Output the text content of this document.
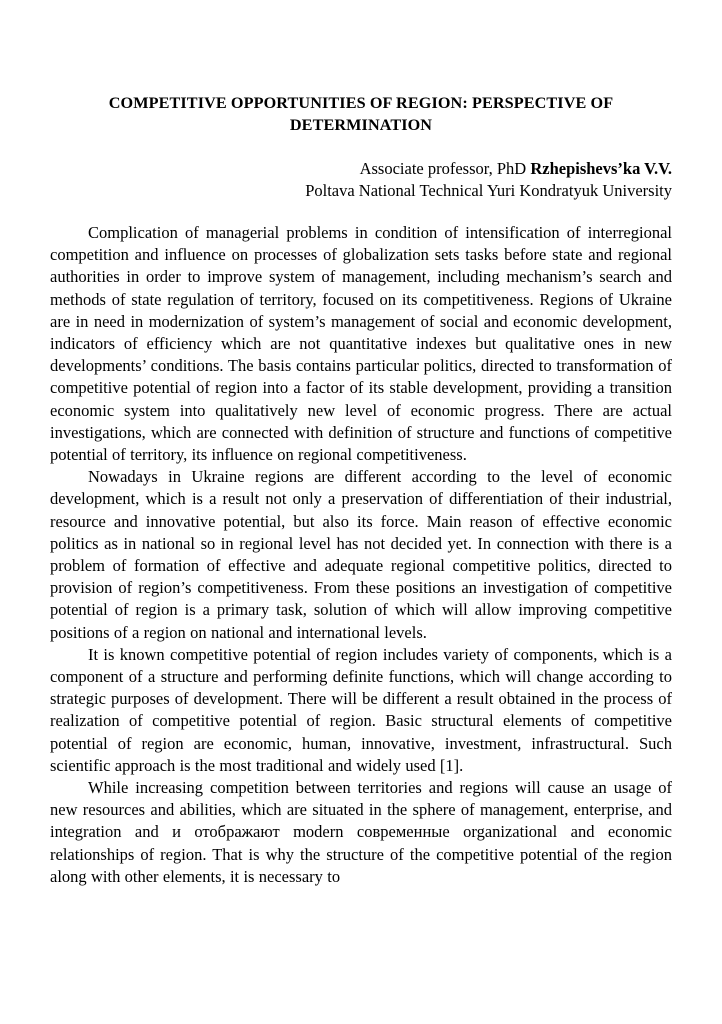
COMPETITIVE OPPORTUNITIES OF REGION: PERSPECTIVE OF DETERMINATION
Associate professor, PhD Rzhepishevs’ka V.V.
Poltava National Technical Yuri Kondratyuk University

Complication of managerial problems in condition of intensification of interregional competition and influence on processes of globalization sets tasks before state and regional authorities in order to improve system of management, including mechanism’s search and methods of state regulation of territory, focused on its competitiveness. Regions of Ukraine are in need in modernization of system’s management of social and economic development, indicators of efficiency which are not quantitative indexes but qualitative ones in new developments’ conditions. The basis contains particular politics, directed to transformation of competitive potential of region into a factor of its stable development, providing a transition economic system into qualitatively new level of economic progress. There are actual investigations, which are connected with definition of structure and functions of competitive potential of territory, its influence on regional competitiveness.

Nowadays in Ukraine regions are different according to the level of economic development, which is a result not only a preservation of differentiation of their industrial, resource and innovative potential, but also its force. Main reason of effective economic politics as in national so in regional level has not decided yet. In connection with there is a problem of formation of effective and adequate regional competitive politics, directed to provision of region’s competitiveness. From these positions an investigation of competitive potential of region is a primary task, solution of which will allow improving competitive positions of a region on national and international levels.

It is known competitive potential of region includes variety of components, which is a component of a structure and performing definite functions, which will change according to strategic purposes of development. There will be different a result obtained in the process of realization of competitive potential of region. Basic structural elements of competitive potential of region are economic, human, innovative, investment, infrastructural. Such scientific approach is the most traditional and widely used [1].

While increasing competition between territories and regions will cause an usage of new resources and abilities, which are situated in the sphere of management, enterprise, and integration and и отображают modern современные organizational and economic relationships of region. That is why the structure of the competitive potential of the region along with other elements, it is necessary to
